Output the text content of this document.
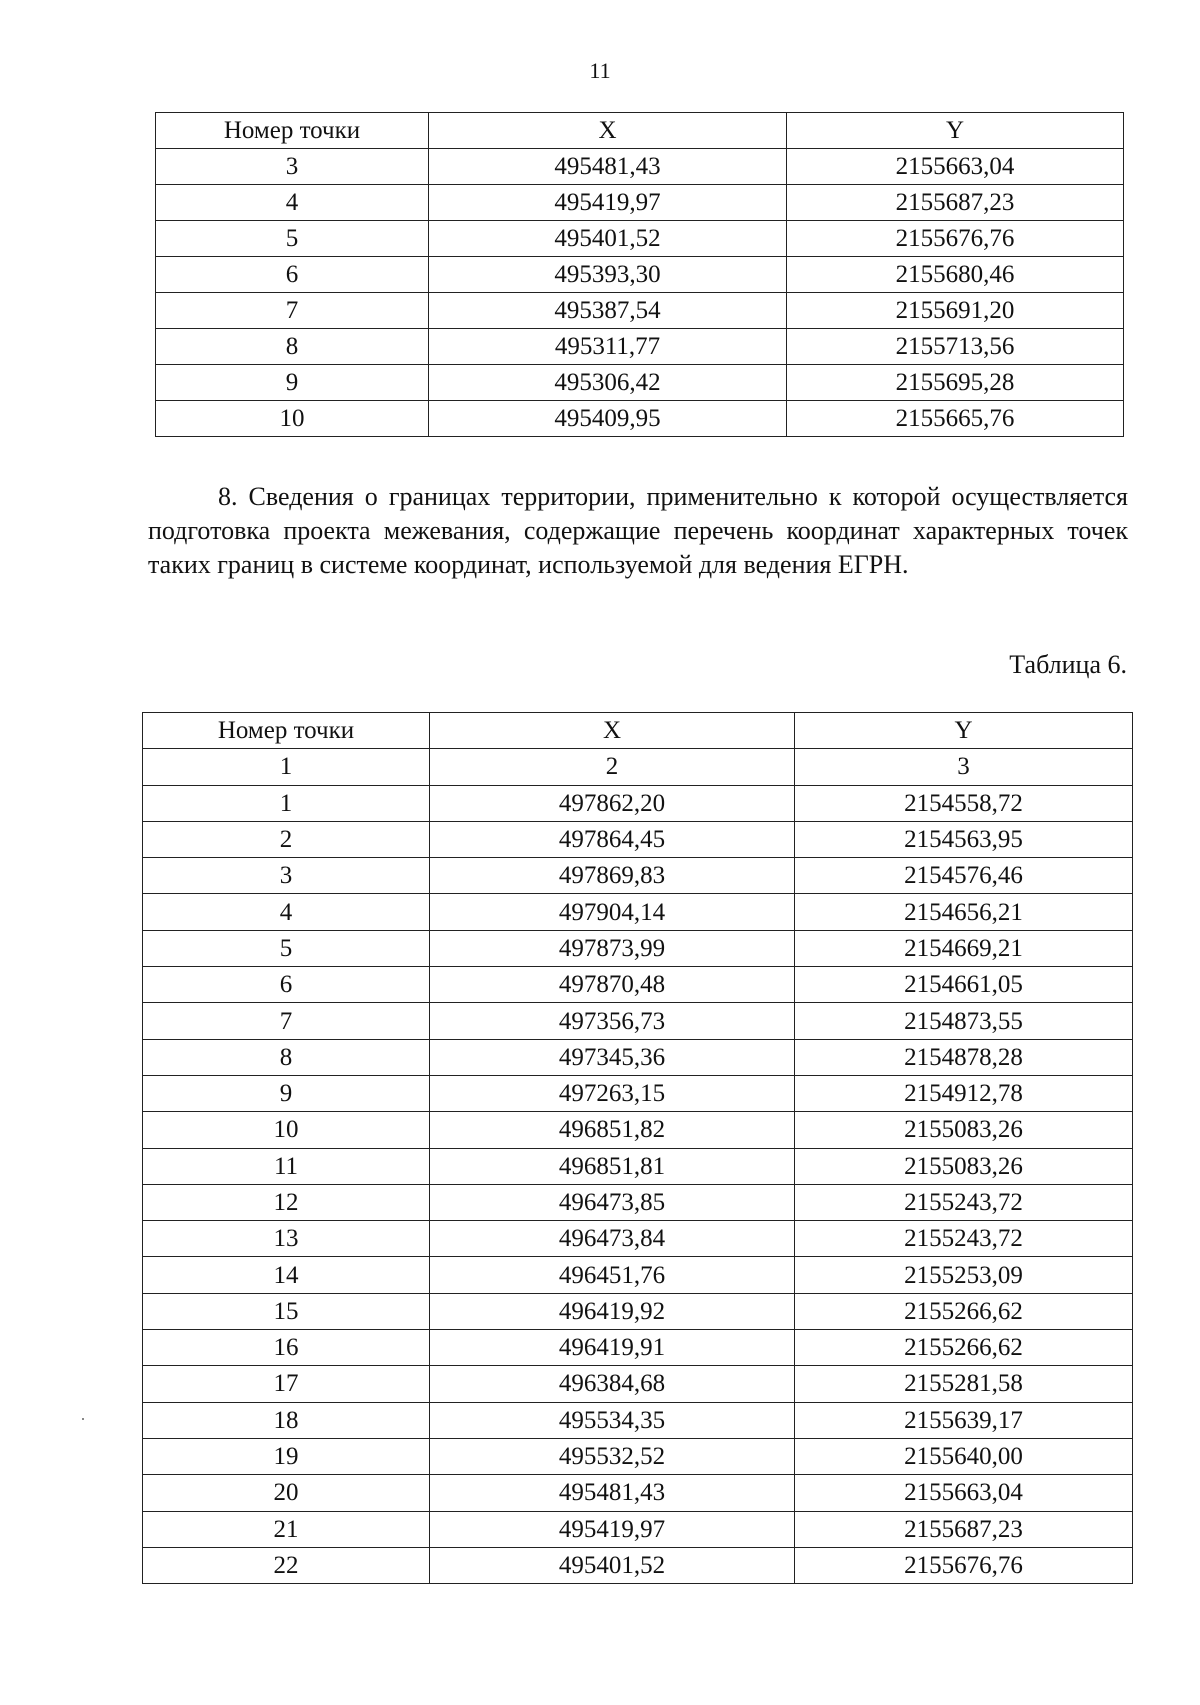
11
Номер точки	X	Y
3	495481,43	2155663,04
4	495419,97	2155687,23
5	495401,52	2155676,76
6	495393,30	2155680,46
7	495387,54	2155691,20
8	495311,77	2155713,56
9	495306,42	2155695,28
10	495409,95	2155665,76
8. Сведения о границах территории, применительно к которой осуществляется подготовка проекта межевания, содержащие перечень координат характерных точек таких границ в системе координат, используемой для ведения ЕГРН.
Таблица 6.
Номер точки	X	Y
1	2	3
1	497862,20	2154558,72
2	497864,45	2154563,95
3	497869,83	2154576,46
4	497904,14	2154656,21
5	497873,99	2154669,21
6	497870,48	2154661,05
7	497356,73	2154873,55
8	497345,36	2154878,28
9	497263,15	2154912,78
10	496851,82	2155083,26
11	496851,81	2155083,26
12	496473,85	2155243,72
13	496473,84	2155243,72
14	496451,76	2155253,09
15	496419,92	2155266,62
16	496419,91	2155266,62
17	496384,68	2155281,58
18	495534,35	2155639,17
19	495532,52	2155640,00
20	495481,43	2155663,04
21	495419,97	2155687,23
22	495401,52	2155676,76
